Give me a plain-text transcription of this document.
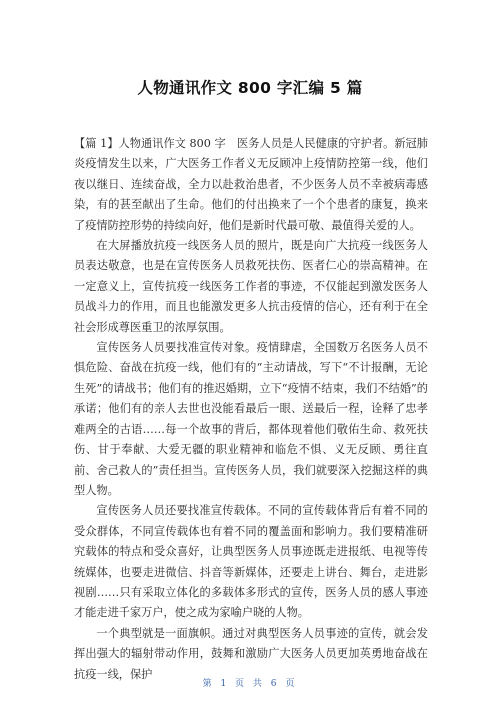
人物通讯作文 800 字汇编 5 篇

【篇 1】人物通讯作文 800 字　医务人员是人民健康的守护者。新冠肺炎疫情发生以来，广大医务工作者义无反顾冲上疫情防控第一线，他们夜以继日、连续奋战，全力以赴救治患者，不少医务人员不幸被病毒感染，有的甚至献出了生命。他们的付出换来了一个个患者的康复，换来了疫情防控形势的持续向好，他们是新时代最可敬、最值得关爱的人。

在大屏播放抗疫一线医务人员的照片，既是向广大抗疫一线医务人员表达敬意，也是在宣传医务人员救死扶伤、医者仁心的崇高精神。在一定意义上，宣传抗疫一线医务工作者的事迹，不仅能起到激发医务人员战斗力的作用，而且也能激发更多人抗击疫情的信心，还有利于在全社会形成尊医重卫的浓厚氛围。

宣传医务人员要找准宣传对象。疫情肆虐，全国数万名医务人员不惧危险、奋战在抗疫一线，他们有的“主动请战，写下“不计报酬，无论生死”的请战书；他们有的推迟婚期，立下“疫情不结束，我们不结婚”的承诺；他们有的亲人去世也没能看最后一眼、送最后一程，诠释了忠孝难两全的古语……每一个故事的背后，都体现着他们敬佑生命、救死扶伤、甘于奉献、大爱无疆的职业精神和临危不惧、义无反顾、勇往直前、舍己救人的”责任担当。宣传医务人员，我们就要深入挖掘这样的典型人物。

宣传医务人员还要找准宣传载体。不同的宣传载体背后有着不同的受众群体，不同宣传载体也有着不同的覆盖面和影响力。我们要精准研究载体的特点和受众喜好，让典型医务人员事迹既走进报纸、电视等传统媒体，也要走进微信、抖音等新媒体，还要走上讲台、舞台，走进影视剧……只有采取立体化的多载体多形式的宣传，医务人员的感人事迹才能走进千家万户，使之成为家喻户晓的人物。

一个典型就是一面旗帜。通过对典型医务人员事迹的宣传，就会发挥出强大的辐射带动作用，鼓舞和激励广大医务人员更加英勇地奋战在抗疫一线，保护

第 1 页 共 6 页
